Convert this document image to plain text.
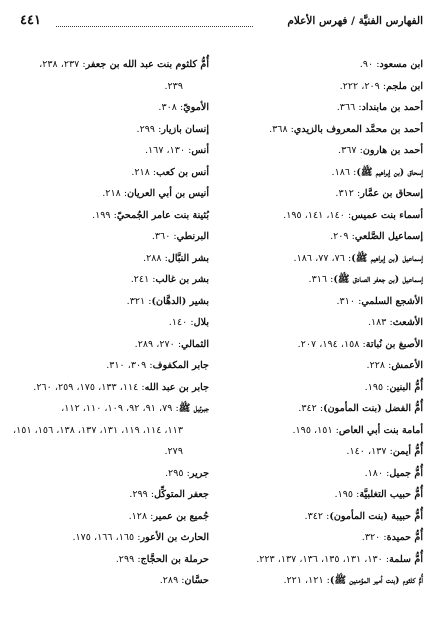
الفهارس الفنيَّة / فهرس الأعلام
٤٤١
ابن مسعود: ٩٠.
ابن ملجم: ٢٠٩، ٢٢٢.
أحمد بن مابنداد: ٣٦٦.
أحمد بن محمَّد المعروف بالزيدي: ٣٦٨.
أحمد بن هارون: ٣٦٧.
إسحاق (بن إبراهيم ﷺ): ١٨٦.
إسحاق بن عمَّار: ٣١٢.
أسماء بنت عميس: ١٤٠، ١٤١، ١٩٥.
إسماعيل الصَّلعي: ٢٠٩.
إسماعيل (بن إبراهيم ﷺ): ٧٦، ٧٧، ١٨٦.
إسماعيل (بن جعفر الصادق ﷺ): ٣١٦.
الأشجع السلمي: ٣١٠.
الأشعث: ١٨٣.
الأصبغ بن نُباتة: ١٥٨، ١٩٤، ٢٠٧.
الأعمش: ٢٢٨.
أُمُّ البنين: ١٩٥.
أُمُّ الفضل (بنت المأمون): ٣٤٢.
أمامة بنت أبي العاص: ١٥١، ١٩٥.
أُمُّ أيمن: ١٣٧، ١٤٠.
أُمُّ جميل: ١٨٠.
أُمُّ حبيب التغلبيَّة: ١٩٥.
أُمُّ حبيبة (بنت المأمون): ٣٤٢.
أُمُّ حميدة: ٣٢٠.
أُمُّ سلمة: ١٣٠، ١٣١، ١٣٥، ١٣٦، ١٣٧، ٢٢٣.
أُمُّ كلثوم (بنت أمير المؤمنين ﷺ): ١٢١، ٢٢١.
أُمُّ كلثوم بنت عبد الله بن جعفر: ٢٣٧، ٢٣٨،
٢٣٩.
الأمويّ: ٣٠٨.
إنسان بازيار: ٢٩٩.
أنس: ١٣٠، ١٦٧.
أنس بن كعب: ٢١٨.
أنيس بن أبي العريان: ٢١٨.
بُثينة بنت عامر الجُمحيّ: ١٩٩.
البرنطي: ٣٦٠.
بشر النبَّال: ٢٨٨.
بشر بن غالب: ٢٤١.
بشير (الدهَّان): ٣٢١.
بلال: ١٤٠.
الثمالي: ٢٧٠، ٢٨٩.
جابر المكفوف: ٣٠٩، ٣١٠.
جابر بن عبد الله: ١١٤، ١٣٣، ١٧٥، ٢٥٩، ٢٦٠.
جبرئيل ﷺ: ٧٩، ٩١، ٩٢، ١٠٩، ١١٠، ١١٢،
١١٣، ١١٤، ١١٩، ١٣١، ١٣٧، ١٣٨، ١٥٦، ١٥١،
٢٧٩.
جرير: ٢٩٥.
جعفر المتوكِّل: ٢٩٩.
جُميع بن عمير: ١٢٨.
الحارث بن الأعور: ١٦٥، ١٦٦، ١٧٥.
حرملة بن الحجَّاج: ٢٩٩.
حسَّان: ٢٨٩.
